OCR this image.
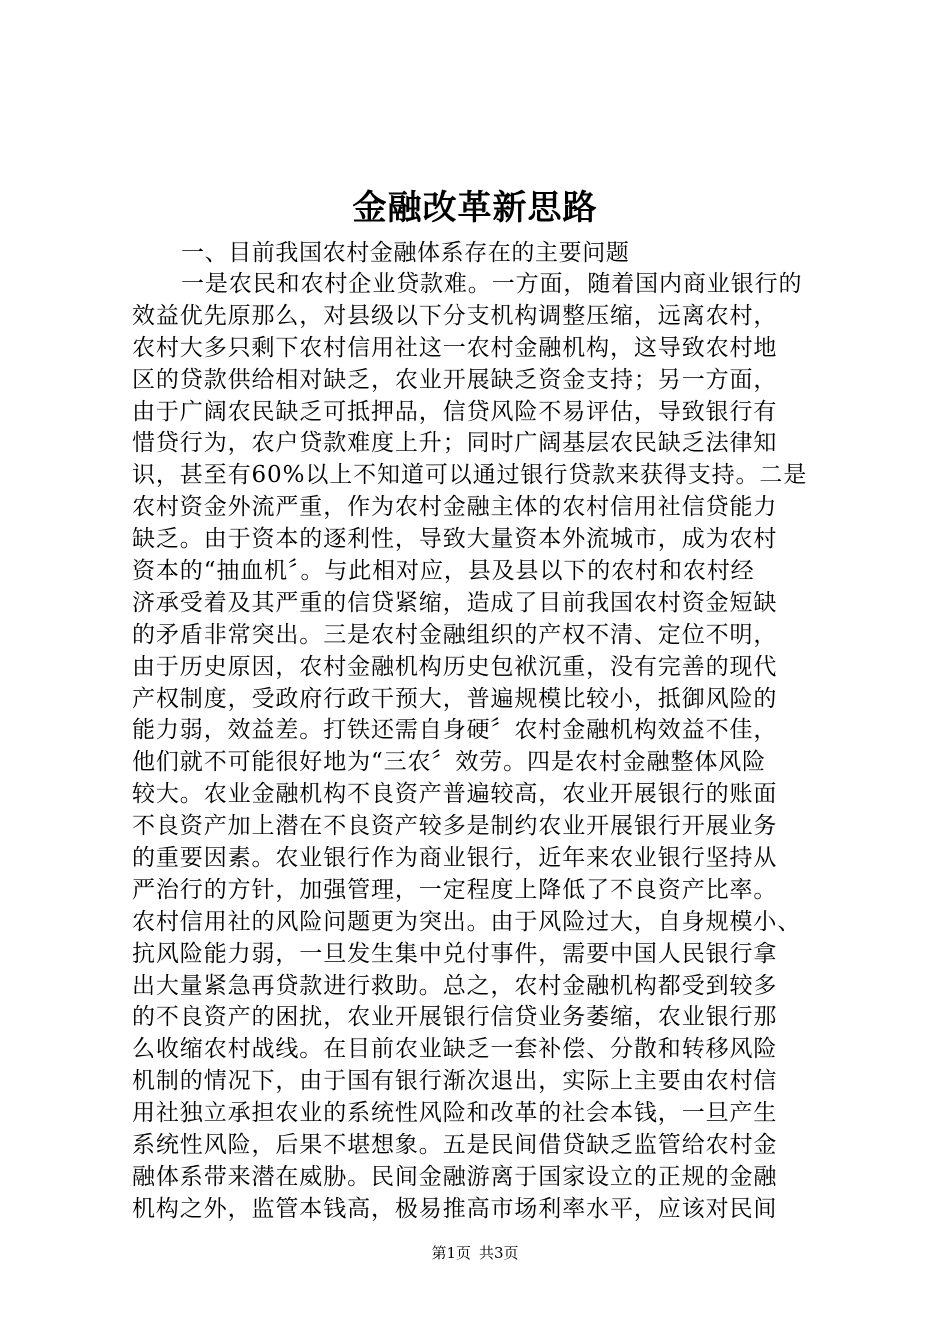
金融改革新思路

一、目前我国农村金融体系存在的主要问题

一是农民和农村企业贷款难。一方面，随着国内商业银行的
效益优先原那么，对县级以下分支机构调整压缩，远离农村，
农村大多只剩下农村信用社这一农村金融机构，这导致农村地
区的贷款供给相对缺乏，农业开展缺乏资金支持；另一方面，
由于广阔农民缺乏可抵押品，信贷风险不易评估，导致银行有
惜贷行为，农户贷款难度上升；同时广阔基层农民缺乏法律知
识，甚至有60%以上不知道可以通过银行贷款来获得支持。二是
农村资金外流严重，作为农村金融主体的农村信用社信贷能力
缺乏。由于资本的逐利性，导致大量资本外流城市，成为农村
资本的“抽血机〞。与此相对应，县及县以下的农村和农村经
济承受着及其严重的信贷紧缩，造成了目前我国农村资金短缺
的矛盾非常突出。三是农村金融组织的产权不清、定位不明，
由于历史原因，农村金融机构历史包袱沉重，没有完善的现代
产权制度，受政府行政干预大，普遍规模比较小，抵御风险的
能力弱，效益差。打铁还需自身硬〞农村金融机构效益不佳，
他们就不可能很好地为“三农〞效劳。四是农村金融整体风险
较大。农业金融机构不良资产普遍较高，农业开展银行的账面
不良资产加上潜在不良资产较多是制约农业开展银行开展业务
的重要因素。农业银行作为商业银行，近年来农业银行坚持从
严治行的方针，加强管理，一定程度上降低了不良资产比率。
农村信用社的风险问题更为突出。由于风险过大，自身规模小、
抗风险能力弱，一旦发生集中兑付事件，需要中国人民银行拿
出大量紧急再贷款进行救助。总之，农村金融机构都受到较多
的不良资产的困扰，农业开展银行信贷业务萎缩，农业银行那
么收缩农村战线。在目前农业缺乏一套补偿、分散和转移风险
机制的情况下，由于国有银行渐次退出，实际上主要由农村信
用社独立承担农业的系统性风险和改革的社会本钱，一旦产生
系统性风险，后果不堪想象。五是民间借贷缺乏监管给农村金
融体系带来潜在威胁。民间金融游离于国家设立的正规的金融
机构之外，监管本钱高，极易推高市场利率水平，应该对民间
第1页 共3页
